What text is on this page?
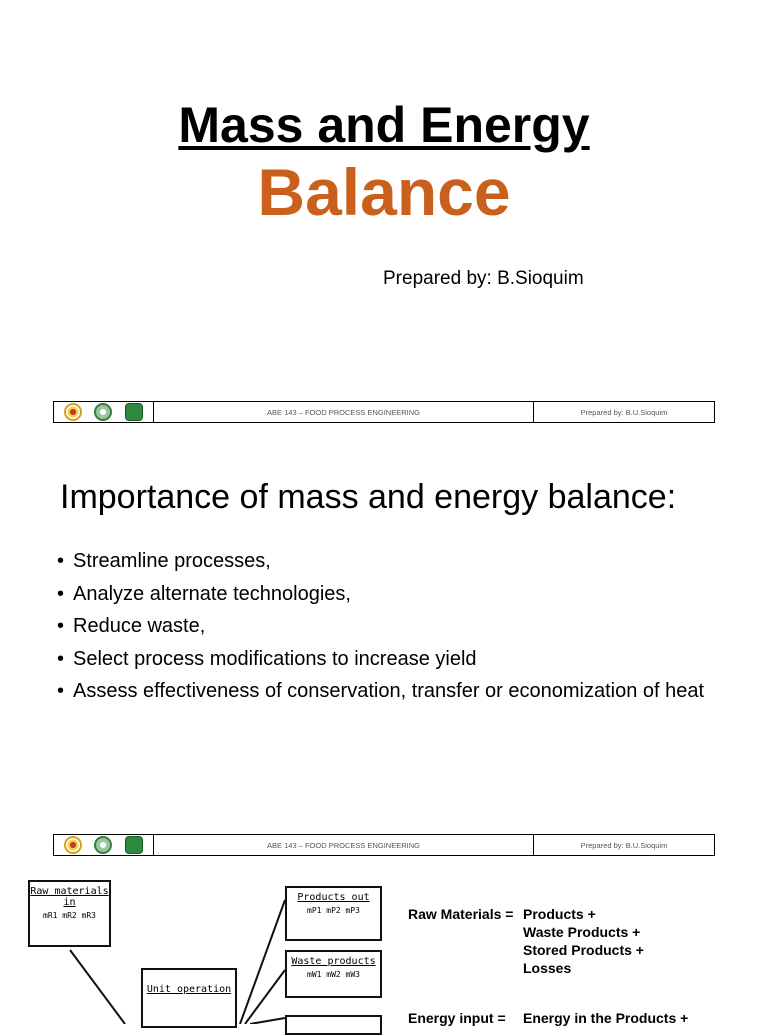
Mass and Energy
Balance
Prepared by: B.Sioquim
ABE 143 – FOOD PROCESS ENGINEERING	Prepared by: B.U.Sioquim
Importance of mass and energy balance:
• Streamline processes,
• Analyze alternate technologies,
• Reduce waste,
• Select process modifications to increase yield
• Assess effectiveness of conservation, transfer or economization of heat
ABE 143 – FOOD PROCESS ENGINEERING	Prepared by: B.U.Sioquim
Raw materials in
mR1 mR2 mR3
Unit operation
Products out
mP1 mP2 mP3
Waste products
mW1 mW2 mW3
Raw Materials = Products +
Waste Products +
Stored Products +
Losses
Energy input = Energy in the Products +
